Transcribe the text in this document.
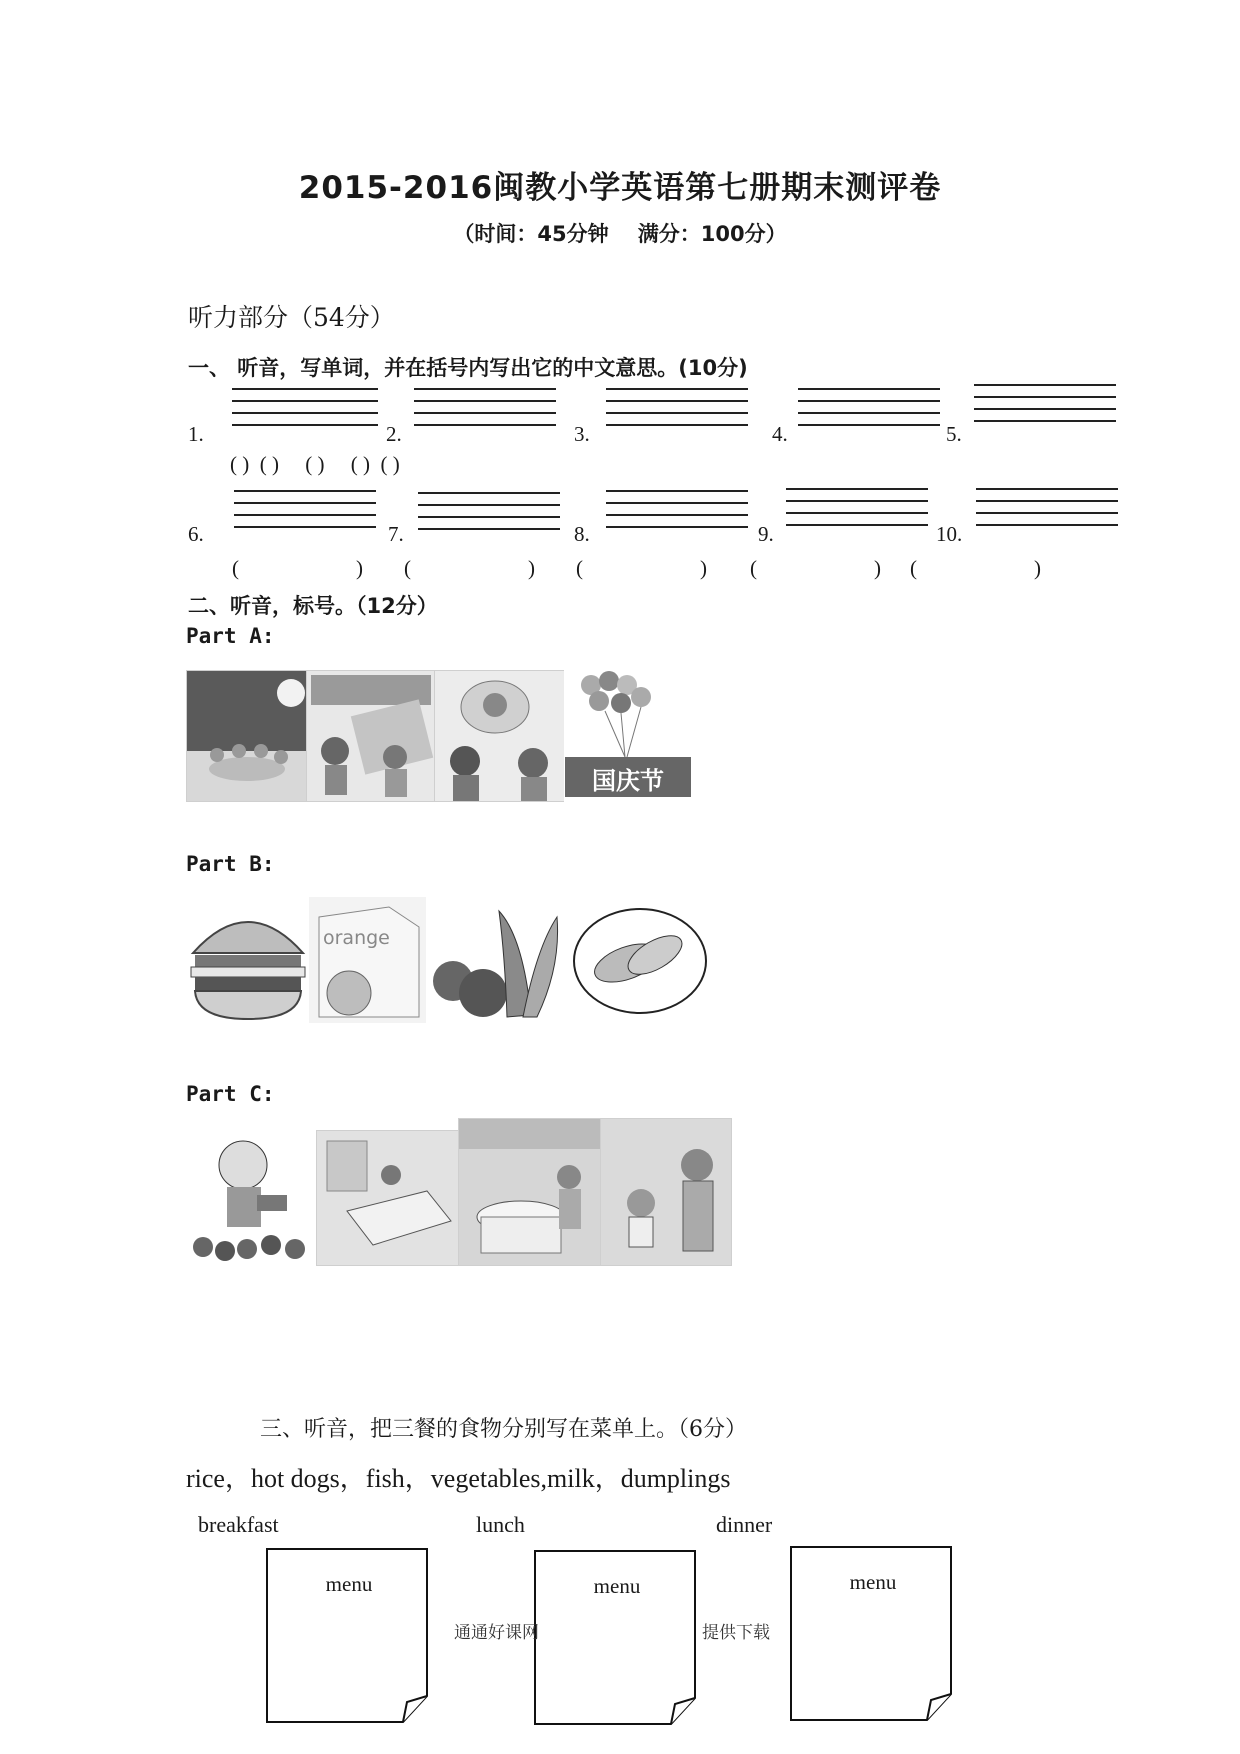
2015-2016闽教小学英语第七册期末测评卷
（时间：45分钟    满分：100分）
听力部分（54分）
一、 听音，写单词，并在括号内写出它的中文意思。(10分)
1.	2.	3.	4.	5.
( )  ( )     ( )     ( )  ( )
6.	7.	8.	9.	10.
(	) (	) (	) (	) (	)
二、听音，标号。（12分）
Part A:
国庆节
Part B:
orange
Part C:
三、听音，把三餐的食物分别写在菜单上。（6分）
rice，hot dogs，fish，vegetables,milk，dumplings
breakfast	lunch	dinner
menu	menu	menu
通通好课网	提供下载
